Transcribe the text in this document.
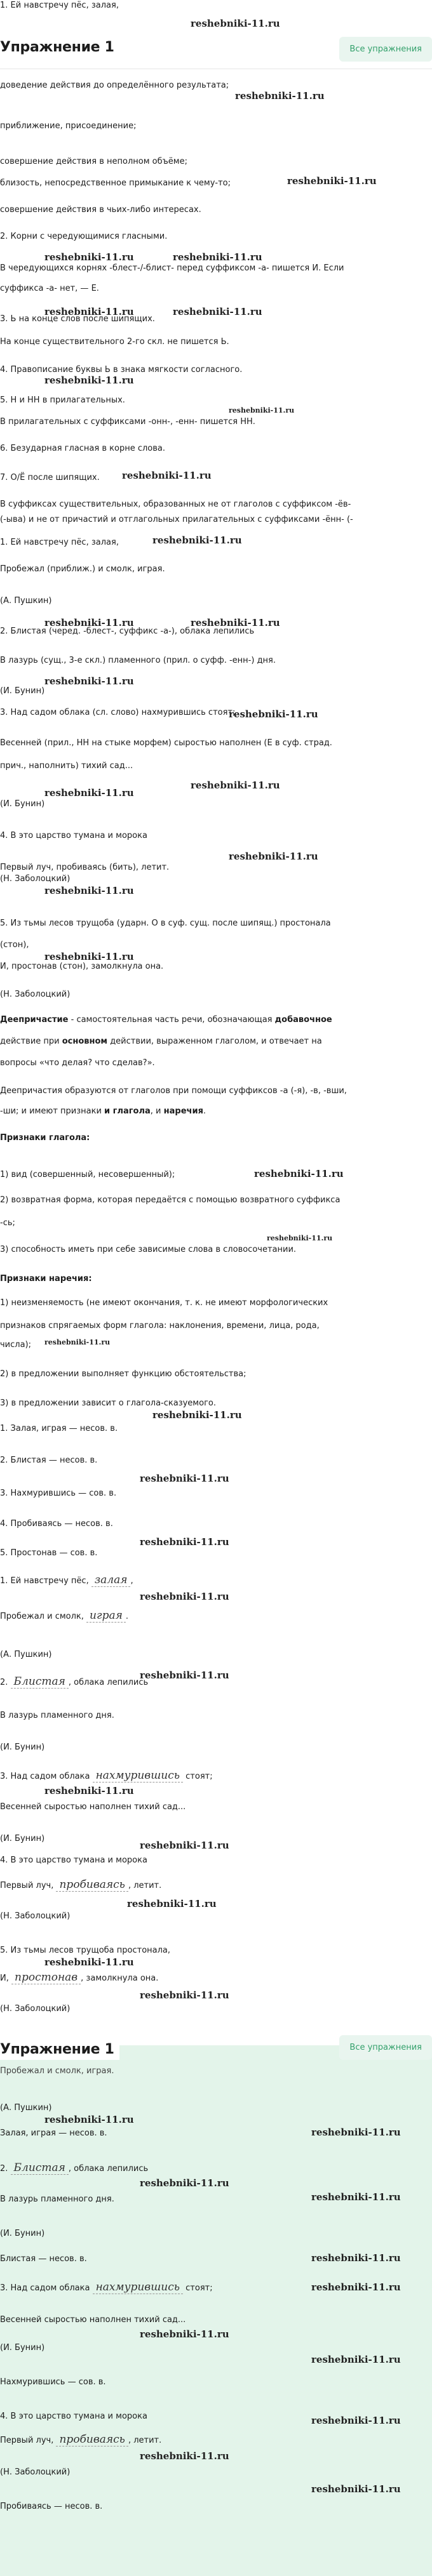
1. Ей навстречу пёс, залая,
Упражнение 1
reshebniki-11.ru
Все упражнения
доведение действия до определённого результата;
reshebniki-11.ru
приближение, присоединение;
совершение действия в неполном объёме;
близость, непосредственное примыкание к чему-то;	reshebniki-11.ru
совершение действия в чьих-либо интересах.
2. Корни с чередующимися гласными.
reshebniki-11.ru	reshebniki-11.ru
В чередующихся корнях -блест-/-блист- перед суффиксом -а- пишется И. Если
суффикса -а- нет, — Е.
reshebniki-11.ru	reshebniki-11.ru
3. Ь на конце слов после шипящих.
На конце существительного 2-го скл. не пишется Ь.
4. Правописание буквы Ь в знака мягкости согласного.
reshebniki-11.ru
5. Н и НН в прилагательных.
reshebniki-11.ru
В прилагательных с суффиксами -онн-, -енн- пишется НН.
6. Безударная гласная в корне слова.
7. О/Ё после шипящих. reshebniki-11.ru
В суффиксах существительных, образованных не от глаголов с суффиксом -ёв-
(-ыва) и не от причастий и отглагольных прилагательных с суффиксами -ённ- (-
1. Ей навстречу пёс, залая,	reshebniki-11.ru
Пробежал (приближ.) и смолк, играя.
(А. Пушкин)
reshebniki-11.ru	reshebniki-11.ru
2. Блистая (черед. -блест-, суффикс -а-), облака лепились
В лазурь (сущ., 3-е скл.) пламенного (прил. о суфф. -енн-) дня.
reshebniki-11.ru
(И. Бунин)
3. Над садом облака (сл. слово) нахмурившись стоят;
reshebniki-11.ru
Весенней (прил., НН на стыке морфем) сыростью наполнен (Е в суф. страд.
прич., наполнить) тихий сад...
reshebniki-11.ru
reshebniki-11.ru
(И. Бунин)
4. В это царство тумана и морока
reshebniki-11.ru
Первый луч, пробиваясь (бить), летит.
(Н. Заболоцкий)
reshebniki-11.ru
5. Из тьмы лесов трущоба (ударн. О в суф. сущ. после шипящ.) простонала
(стон),
reshebniki-11.ru
И, простонав (стон), замолкнула она.
(Н. Заболоцкий)
Деепричастие - самостоятельная часть речи, обозначающая добавочное
действие при основном действии, выраженном глаголом, и отвечает на
вопросы «что делая? что сделав?».
Деепричастия образуются от глаголов при помощи суффиксов -а (-я), -в, -вши,
-ши; и имеют признаки и глагола, и наречия.
Признаки глагола:
1) вид (совершенный, несовершенный);	reshebniki-11.ru
2) возвратная форма, которая передаётся с помощью возвратного суффикса
-сь;
reshebniki-11.ru
3) способность иметь при себе зависимые слова в словосочетании.
Признаки наречия:
1) неизменяемость (не имеют окончания, т. к. не имеют морфологических
признаков спрягаемых форм глагола: наклонения, времени, лица, рода,
числа); reshebniki-11.ru
2) в предложении выполняет функцию обстоятельства;
3) в предложении зависит о глагола-сказуемого.
reshebniki-11.ru
1. Залая, играя — несов. в.
2. Блистая — несов. в.
reshebniki-11.ru
3. Нахмурившись — сов. в.
4. Пробиваясь — несов. в.
reshebniki-11.ru
5. Простонав — сов. в.
1. Ей навстречу пёс, залая ,
reshebniki-11.ru
Пробежал и смолк, играя .
(А. Пушкин)
reshebniki-11.ru
2. Блистая , облака лепились
В лазурь пламенного дня.
(И. Бунин)
3. Над садом облака нахмурившись стоят;
reshebniki-11.ru
Весенней сыростью наполнен тихий сад...
(И. Бунин)
reshebniki-11.ru
4. В это царство тумана и морока
Первый луч, пробиваясь , летит.
reshebniki-11.ru
(Н. Заболоцкий)
5. Из тьмы лесов трущоба простонала,
reshebniki-11.ru
И, простонав , замолкнула она.
reshebniki-11.ru
(Н. Заболоцкий)
Упражнение 1	Все упражнения
Пробежал и смолк, играя.
(А. Пушкин)
reshebniki-11.ru
reshebniki-11.ru
Залая, играя — несов. в.
2. Блистая , облака лепились
reshebniki-11.ru
В лазурь пламенного дня.	reshebniki-11.ru
(И. Бунин)
Блистая — несов. в.	reshebniki-11.ru
3. Над садом облака нахмурившись стоят;	reshebniki-11.ru
Весенней сыростью наполнен тихий сад...
reshebniki-11.ru
(И. Бунин)
reshebniki-11.ru
Нахмурившись — сов. в.
4. В это царство тумана и морока	reshebniki-11.ru
Первый луч, пробиваясь , летит.
reshebniki-11.ru
(Н. Заболоцкий)
reshebniki-11.ru
Пробиваясь — несов. в.
